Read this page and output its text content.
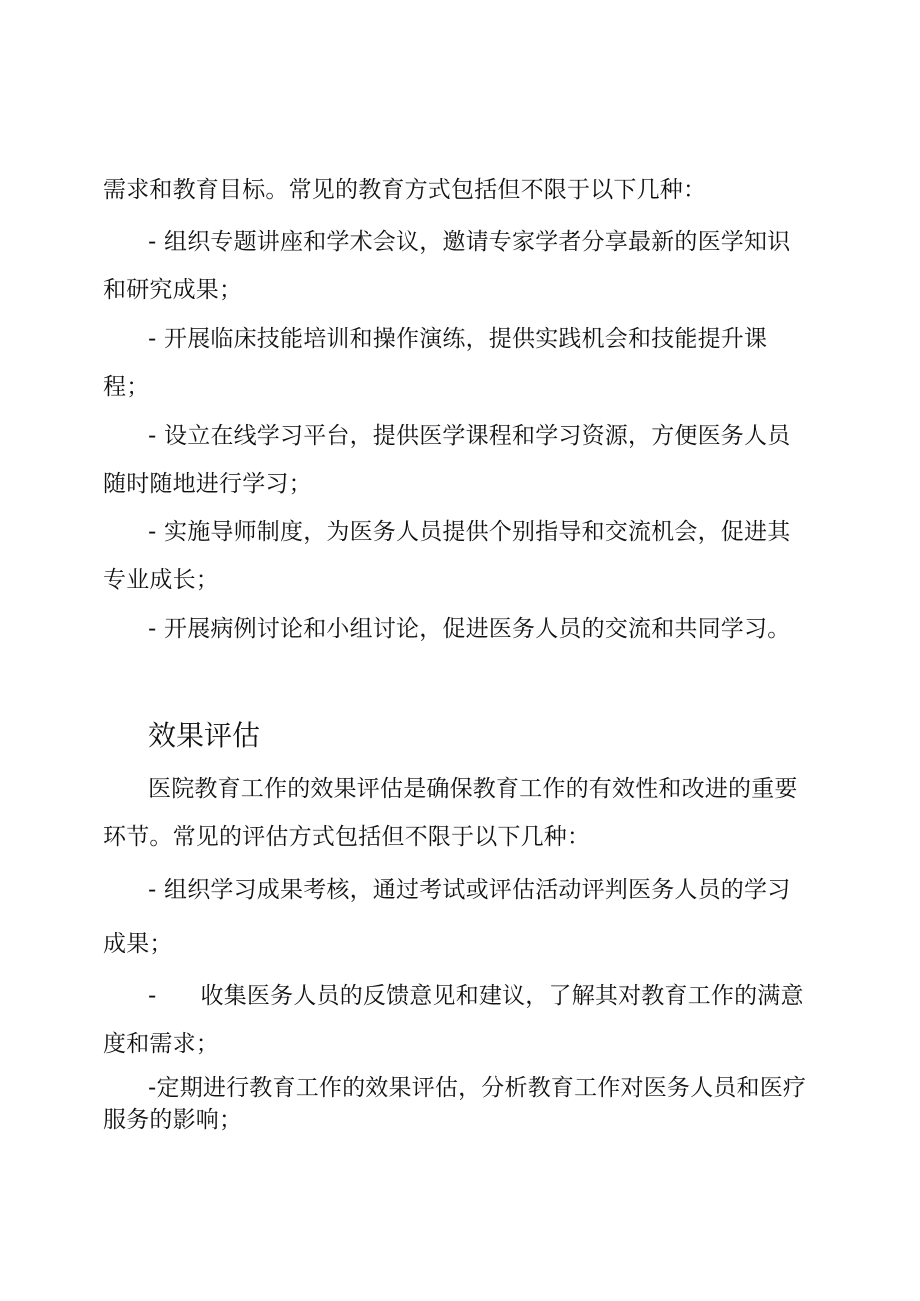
需求和教育目标。常见的教育方式包括但不限于以下几种：
- 组织专题讲座和学术会议，邀请专家学者分享最新的医学知识
和研究成果；
- 开展临床技能培训和操作演练，提供实践机会和技能提升课
程；
- 设立在线学习平台，提供医学课程和学习资源，方便医务人员
随时随地进行学习；
- 实施导师制度，为医务人员提供个别指导和交流机会，促进其
专业成长；
- 开展病例讨论和小组讨论，促进医务人员的交流和共同学习。
效果评估
医院教育工作的效果评估是确保教育工作的有效性和改进的重要
环节。常见的评估方式包括但不限于以下几种：
- 组织学习成果考核，通过考试或评估活动评判医务人员的学习
成果；
- 收集医务人员的反馈意见和建议，了解其对教育工作的满意
度和需求；
-定期进行教育工作的效果评估，分析教育工作对医务人员和医疗
服务的影响；
